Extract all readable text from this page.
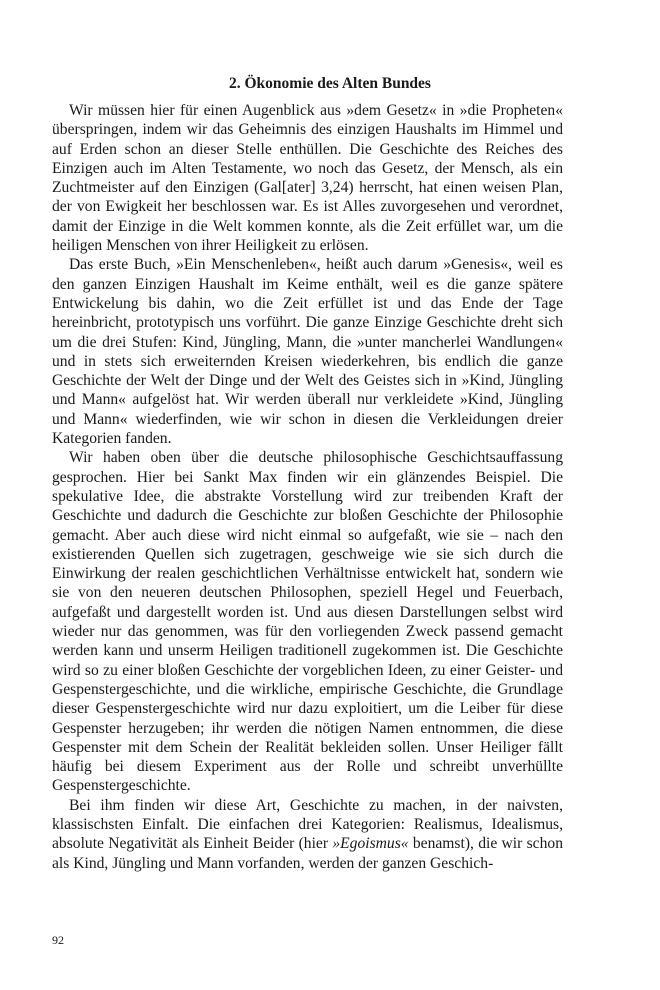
2. Ökonomie des Alten Bundes

Wir müssen hier für einen Augenblick aus »dem Gesetz« in »die Propheten« überspringen, indem wir das Geheimnis des einzigen Haushalts im Himmel und auf Erden schon an dieser Stelle enthüllen. Die Geschichte des Reiches des Einzigen auch im Alten Testamente, wo noch das Gesetz, der Mensch, als ein Zuchtmeister auf den Einzigen (Gal[ater] 3,24) herrscht, hat einen weisen Plan, der von Ewigkeit her beschlossen war. Es ist Alles zuvorgesehen und verordnet, damit der Einzige in die Welt kommen konnte, als die Zeit erfüllet war, um die heiligen Menschen von ihrer Heiligkeit zu erlösen.

Das erste Buch, »Ein Menschenleben«, heißt auch darum »Genesis«, weil es den ganzen Einzigen Haushalt im Keime enthält, weil es die ganze spätere Entwickelung bis dahin, wo die Zeit erfüllet ist und das Ende der Tage hereinbricht, prototypisch uns vorführt. Die ganze Einzige Geschichte dreht sich um die drei Stufen: Kind, Jüngling, Mann, die »unter mancherlei Wandlungen« und in stets sich erweiternden Kreisen wiederkehren, bis endlich die ganze Geschichte der Welt der Dinge und der Welt des Geistes sich in »Kind, Jüngling und Mann« aufgelöst hat. Wir werden überall nur verkleidete »Kind, Jüngling und Mann« wiederfinden, wie wir schon in diesen die Verkleidungen dreier Kategorien fanden.

Wir haben oben über die deutsche philosophische Geschichtsauffassung gesprochen. Hier bei Sankt Max finden wir ein glänzendes Beispiel. Die spekulative Idee, die abstrakte Vorstellung wird zur treibenden Kraft der Geschichte und dadurch die Geschichte zur bloßen Geschichte der Philosophie gemacht. Aber auch diese wird nicht einmal so aufgefaßt, wie sie – nach den existierenden Quellen sich zugetragen, geschweige wie sie sich durch die Einwirkung der realen geschichtlichen Verhältnisse entwickelt hat, sondern wie sie von den neueren deutschen Philosophen, speziell Hegel und Feuerbach, aufgefaßt und dargestellt worden ist. Und aus diesen Darstellungen selbst wird wieder nur das genommen, was für den vorliegenden Zweck passend gemacht werden kann und unserm Heiligen traditionell zugekommen ist. Die Geschichte wird so zu einer bloßen Geschichte der vorgeblichen Ideen, zu einer Geister- und Gespenstergeschichte, und die wirkliche, empirische Geschichte, die Grundlage dieser Gespenstergeschichte wird nur dazu exploitiert, um die Leiber für diese Gespenster herzugeben; ihr werden die nötigen Namen entnommen, die diese Gespenster mit dem Schein der Realität bekleiden sollen. Unser Heiliger fällt häufig bei diesem Experiment aus der Rolle und schreibt unverhüllte Gespenstergeschichte.

Bei ihm finden wir diese Art, Geschichte zu machen, in der naivsten, klassischsten Einfalt. Die einfachen drei Kategorien: Realismus, Idealismus, absolute Negativität als Einheit Beider (hier »Egoismus« benamst), die wir schon als Kind, Jüngling und Mann vorfanden, werden der ganzen Geschich-

92
